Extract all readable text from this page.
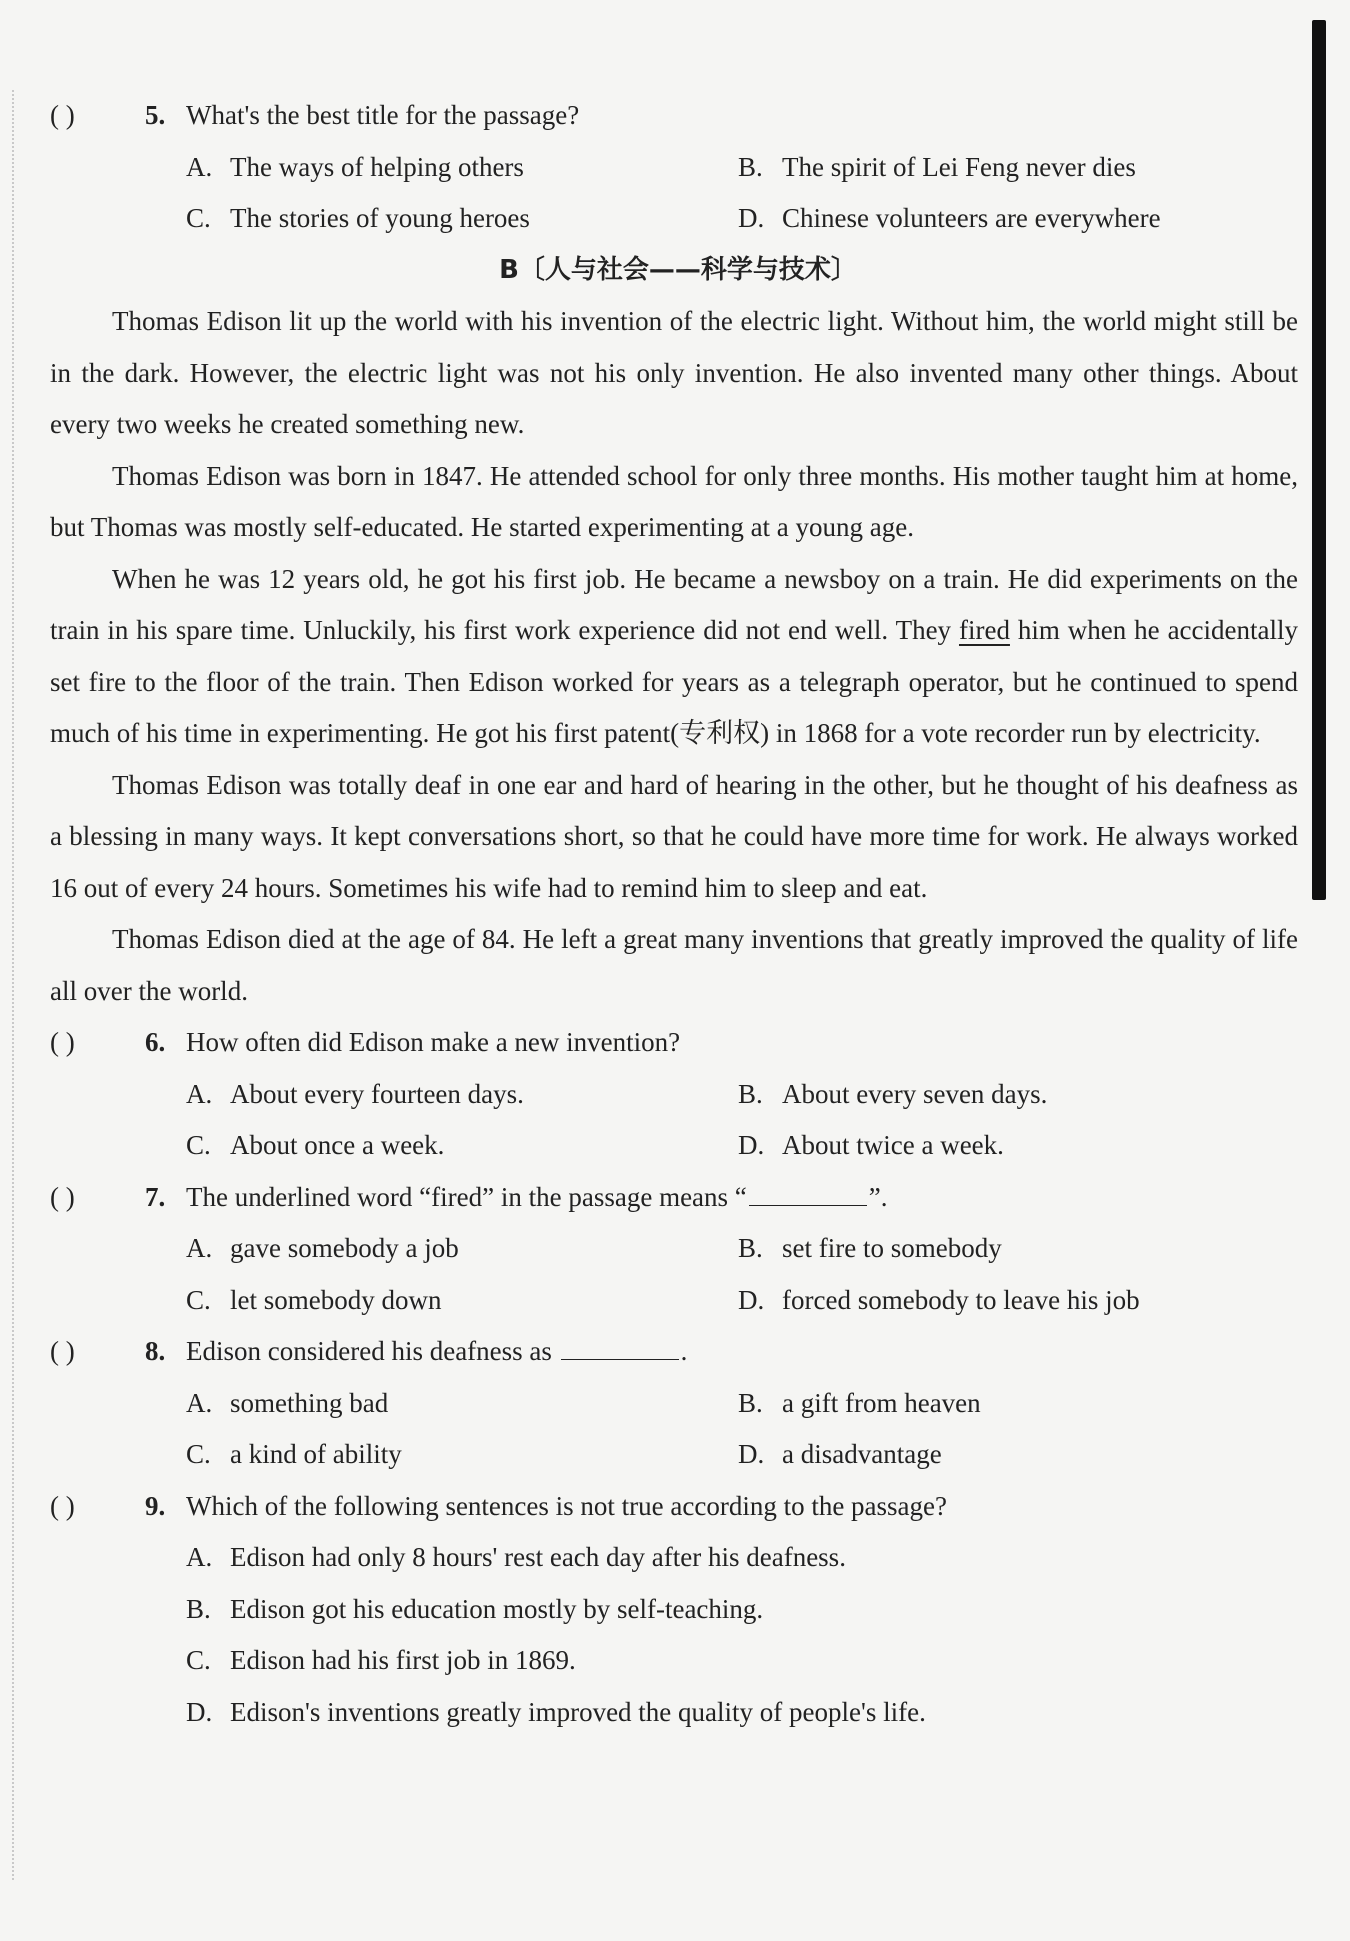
( )	5. What's the best title for the passage?
A. The ways of helping others	B. The spirit of Lei Feng never dies
C. The stories of young heroes	D. Chinese volunteers are everywhere
B〔人与社会——科学与技术〕

Thomas Edison lit up the world with his invention of the electric light. Without him, the world might still be in the dark. However, the electric light was not his only invention. He also invented many other things. About every two weeks he created something new.

Thomas Edison was born in 1847. He attended school for only three months. His mother taught him at home, but Thomas was mostly self-educated. He started experimenting at a young age.

When he was 12 years old, he got his first job. He became a newsboy on a train. He did experiments on the train in his spare time. Unluckily, his first work experience did not end well. They fired him when he accidentally set fire to the floor of the train. Then Edison worked for years as a telegraph operator, but he continued to spend much of his time in experimenting. He got his first patent(专利权) in 1868 for a vote recorder run by electricity.

Thomas Edison was totally deaf in one ear and hard of hearing in the other, but he thought of his deafness as a blessing in many ways. It kept conversations short, so that he could have more time for work. He always worked 16 out of every 24 hours. Sometimes his wife had to remind him to sleep and eat.

Thomas Edison died at the age of 84. He left a great many inventions that greatly improved the quality of life all over the world.

( )	6. How often did Edison make a new invention?
A. About every fourteen days.	B. About every seven days.
C. About once a week.	D. About twice a week.
( )	7. The underlined word “fired” in the passage means “	”.
A. gave somebody a job	B. set fire to somebody
C. let somebody down	D. forced somebody to leave his job
( )	8. Edison considered his deafness as	.
A. something bad	B. a gift from heaven
C. a kind of ability	D. a disadvantage
( )	9. Which of the following sentences is not true according to the passage?
A. Edison had only 8 hours' rest each day after his deafness.
B. Edison got his education mostly by self-teaching.
C. Edison had his first job in 1869.
D. Edison's inventions greatly improved the quality of people's life.
